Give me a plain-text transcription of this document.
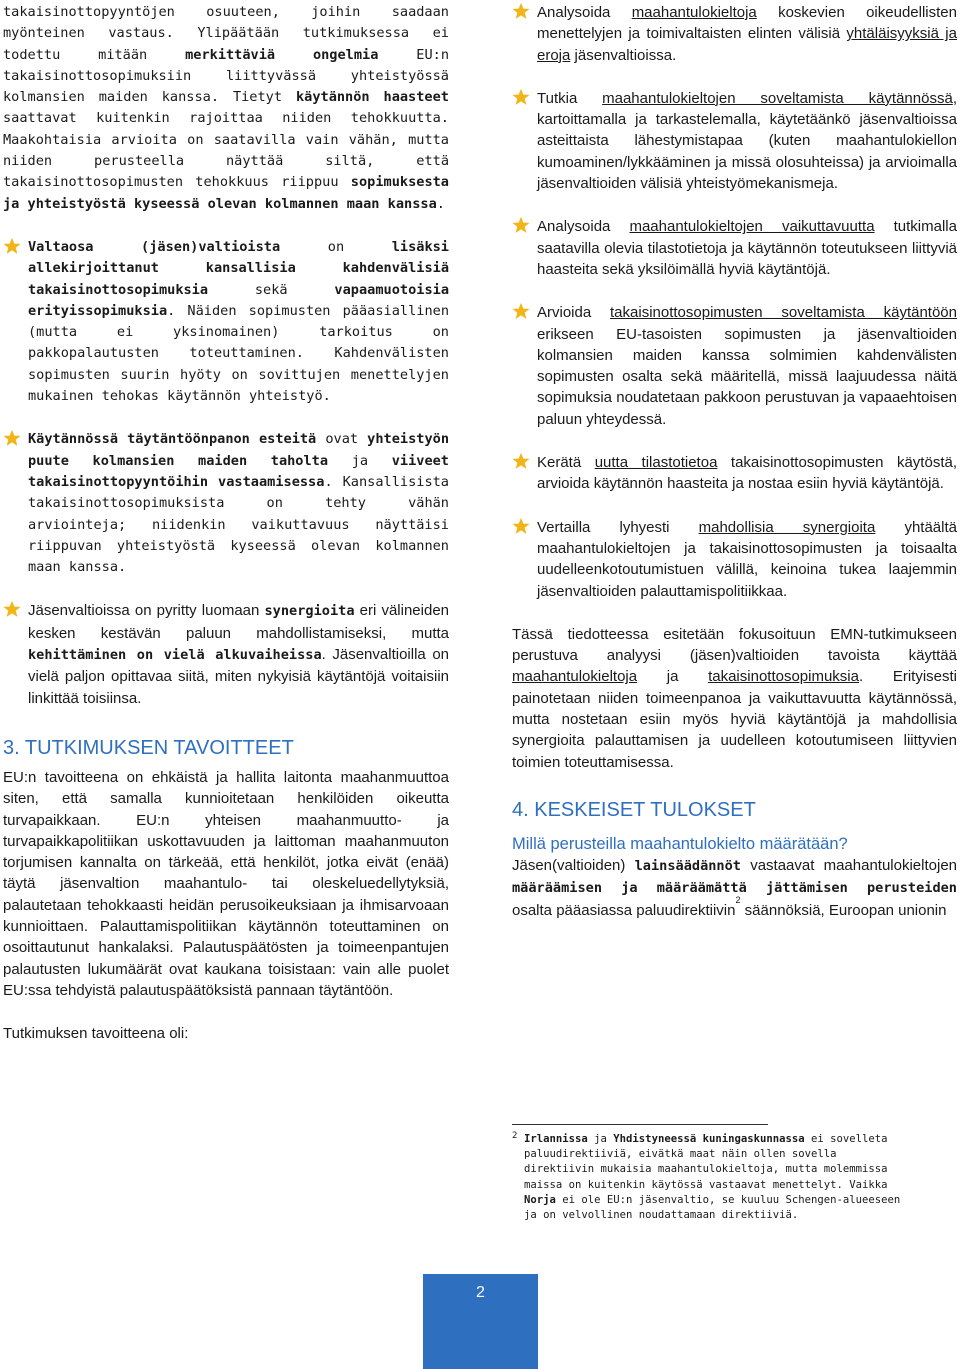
takaisinottopyyntöjen osuuteen, joihin saadaan myönteinen vastaus. Ylipäätään tutkimuksessa ei todettu mitään merkittäviä ongelmia EU:n takaisinottosopimuksiin liittyvässä yhteistyössä kolmansien maiden kanssa. Tietyt käytännön haasteet saattavat kuitenkin rajoittaa niiden tehokkuutta. Maakohtaisia arvioita on saatavilla vain vähän, mutta niiden perusteella näyttää siltä, että takaisinottosopimusten tehokkuus riippuu sopimuksesta ja yhteistyöstä kyseessä olevan kolmannen maan kanssa.

Valtaosa (jäsen)valtioista on lisäksi allekirjoittanut kansallisia kahdenvälisiä takaisinottosopimuksia sekä vapaamuotoisia erityissopimuksia. Näiden sopimusten pääasiallinen (mutta ei yksinomainen) tarkoitus on pakkopalautusten toteuttaminen. Kahdenvälisten sopimusten suurin hyöty on sovittujen menettelyjen mukainen tehokas käytännön yhteistyö.

Käytännössä täytäntöönpanon esteitä ovat yhteistyön puute kolmansien maiden taholta ja viiveet takaisinottopyyntöihin vastaamisessa. Kansallisista takaisinottosopimuksista on tehty vähän arviointeja; niidenkin vaikuttavuus näyttäisi riippuvan yhteistyöstä kyseessä olevan kolmannen maan kanssa.

Jäsenvaltioissa on pyritty luomaan synergioita eri välineiden kesken kestävän paluun mahdollistamiseksi, mutta kehittäminen on vielä alkuvaiheissa. Jäsenvaltioilla on vielä paljon opittavaa siitä, miten nykyisiä käytäntöjä voitaisiin linkittää toisiinsa.

3. TUTKIMUKSEN TAVOITTEET

EU:n tavoitteena on ehkäistä ja hallita laitonta maahanmuuttoa siten, että samalla kunnioitetaan henkilöiden oikeutta turvapaikkaan. EU:n yhteisen maahanmuutto- ja turvapaikkapolitiikan uskottavuuden ja laittoman maahanmuuton torjumisen kannalta on tärkeää, että henkilöt, jotka eivät (enää) täytä jäsenvaltion maahantulo- tai oleskeluedellytyksiä, palautetaan tehokkaasti heidän perusoikeuksiaan ja ihmisarvoaan kunnioittaen. Palauttamispolitiikan käytännön toteuttaminen on osoittautunut hankalaksi. Palautuspäätösten ja toimeenpantujen palautusten lukumäärät ovat kaukana toisistaan: vain alle puolet EU:ssa tehdyistä palautuspäätöksistä pannaan täytäntöön.

Tutkimuksen tavoitteena oli:

Analysoida maahantulokieltoja koskevien oikeudellisten menettelyjen ja toimivaltaisten elinten välisiä yhtäläisyyksiä ja eroja jäsenvaltioissa.

Tutkia maahantulokieltojen soveltamista käytännössä, kartoittamalla ja tarkastelemalla, käytetäänkö jäsenvaltioissa asteittaista lähestymistapaa (kuten maahantulokiellon kumoaminen/lykkääminen ja missä olosuhteissa) ja arvioimalla jäsenvaltioiden välisiä yhteistyömekanismeja.

Analysoida maahantulokieltojen vaikuttavuutta tutkimalla saatavilla olevia tilastotietoja ja käytännön toteutukseen liittyviä haasteita sekä yksilöimällä hyviä käytäntöjä.

Arvioida takaisinottosopimusten soveltamista käytäntöön erikseen EU-tasoisten sopimusten ja jäsenvaltioiden kolmansien maiden kanssa solmimien kahdenvälisten sopimusten osalta sekä määritellä, missä laajuudessa näitä sopimuksia noudatetaan pakkoon perustuvan ja vapaaehtoisen paluun yhteydessä.

Kerätä uutta tilastotietoa takaisinottosopimusten käytöstä, arvioida käytännön haasteita ja nostaa esiin hyviä käytäntöjä.

Vertailla lyhyesti mahdollisia synergioita yhtäältä maahantulokieltojen ja takaisinottosopimusten ja toisaalta uudelleenkotoutumistuen välillä, keinoina tukea laajemmin jäsenvaltioiden palauttamispolitiikkaa.

Tässä tiedotteessa esitetään fokusoituun EMN-tutkimukseen perustuva analyysi (jäsen)valtioiden tavoista käyttää maahantulokieltoja ja takaisinottosopimuksia. Erityisesti painotetaan niiden toimeenpanoa ja vaikuttavuutta käytännössä, mutta nostetaan esiin myös hyviä käytäntöjä ja mahdollisia synergioita palauttamisen ja uudelleen kotoutumiseen liittyvien toimien toteuttamisessa.

4. KESKEISET TULOKSET
Millä perusteilla maahantulokielto määrätään?

Jäsen(valtioiden) lainsäädännöt vastaavat maahantulokieltojen määräämisen ja määräämättä jättämisen perusteiden osalta pääasiassa paluudirektiivin$^2$ säännöksiä, Euroopan unionin

2 Irlannissa ja Yhdistyneessä kuningaskunnassa ei sovelleta paluudirektiiviä, eivätkä maat näin ollen sovella direktiivin mukaisia maahantulokieltoja, mutta molemmissa maissa on kuitenkin käytössä vastaavat menettelyt. Vaikka Norja ei ole EU:n jäsenvaltio, se kuuluu Schengen-alueeseen ja on velvollinen noudattamaan direktiiviä.
2
